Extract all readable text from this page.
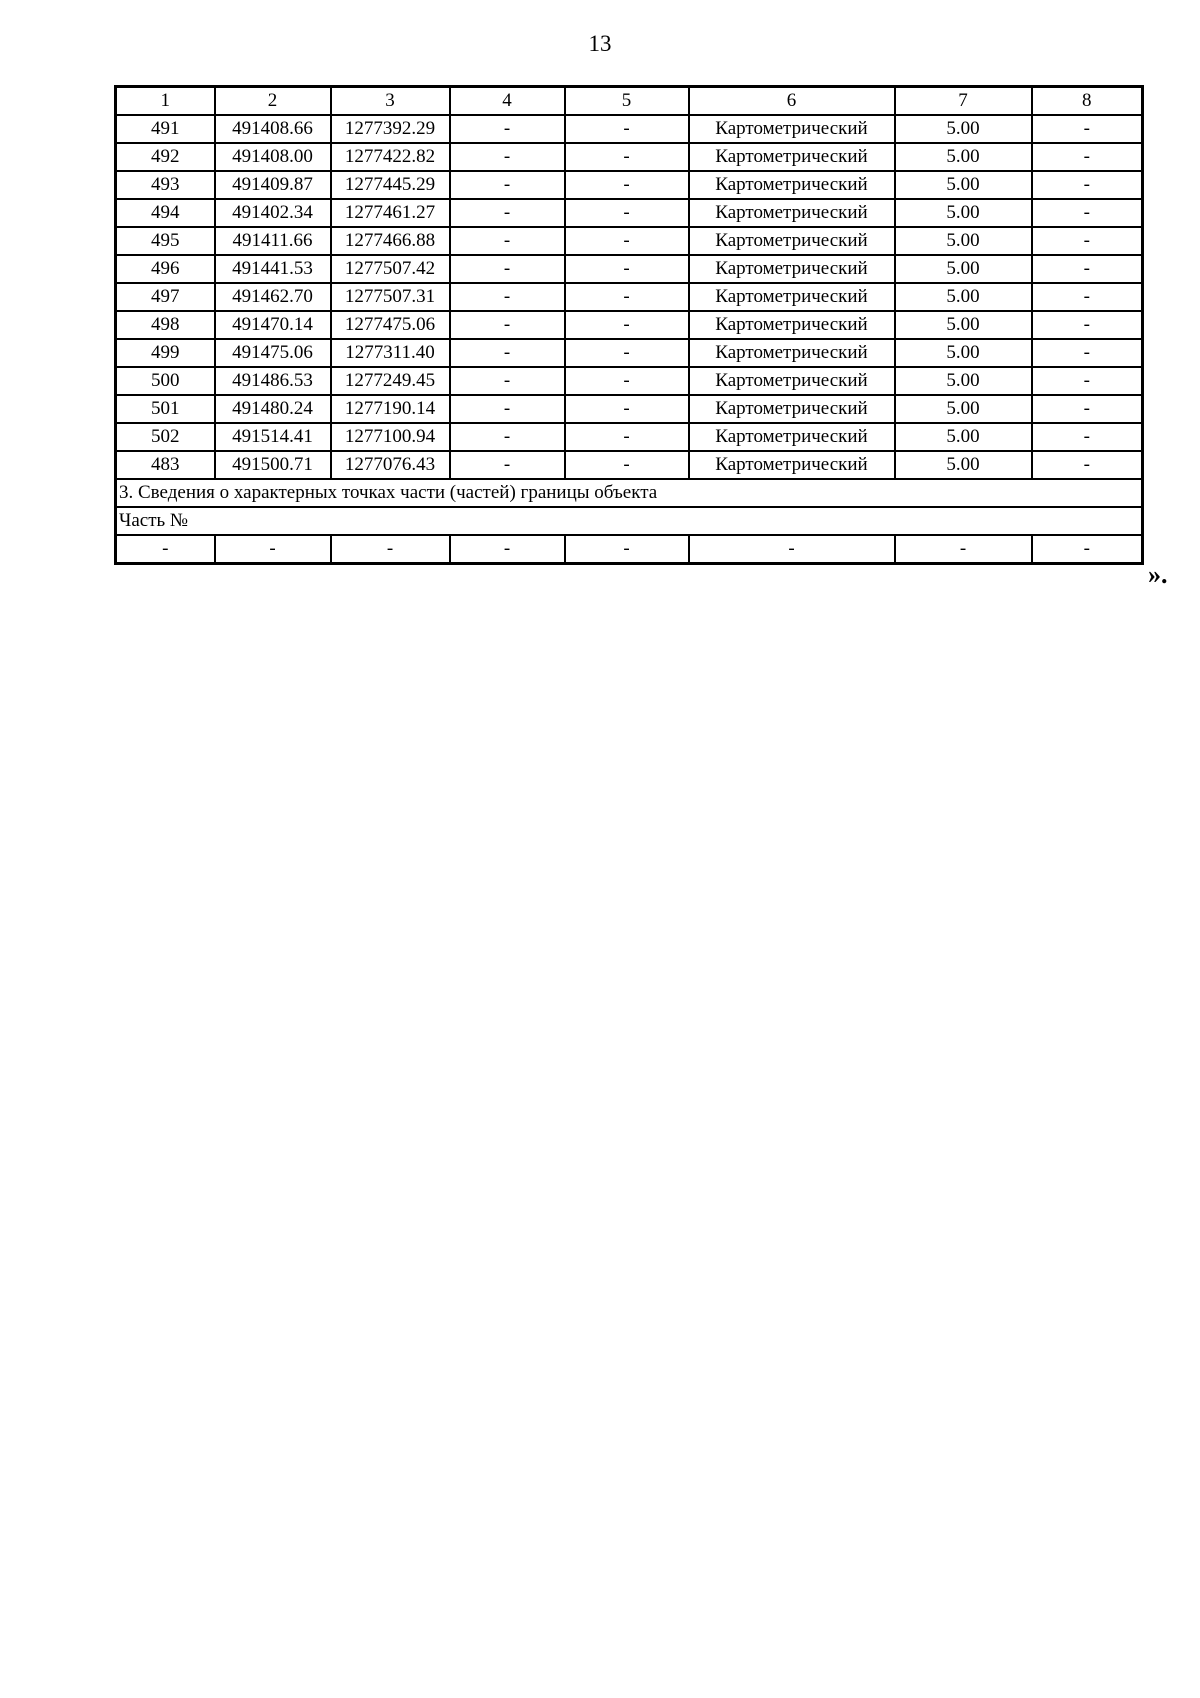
13
1	2	3	4	5	6	7	8
491	491408.66	1277392.29	-	-	Картометрический	5.00	-
492	491408.00	1277422.82	-	-	Картометрический	5.00	-
493	491409.87	1277445.29	-	-	Картометрический	5.00	-
494	491402.34	1277461.27	-	-	Картометрический	5.00	-
495	491411.66	1277466.88	-	-	Картометрический	5.00	-
496	491441.53	1277507.42	-	-	Картометрический	5.00	-
497	491462.70	1277507.31	-	-	Картометрический	5.00	-
498	491470.14	1277475.06	-	-	Картометрический	5.00	-
499	491475.06	1277311.40	-	-	Картометрический	5.00	-
500	491486.53	1277249.45	-	-	Картометрический	5.00	-
501	491480.24	1277190.14	-	-	Картометрический	5.00	-
502	491514.41	1277100.94	-	-	Картометрический	5.00	-
483	491500.71	1277076.43	-	-	Картометрический	5.00	-
3. Сведения о характерных точках части (частей) границы объекта							
Часть №							
-	-	-	-	-	-	-	-
».
